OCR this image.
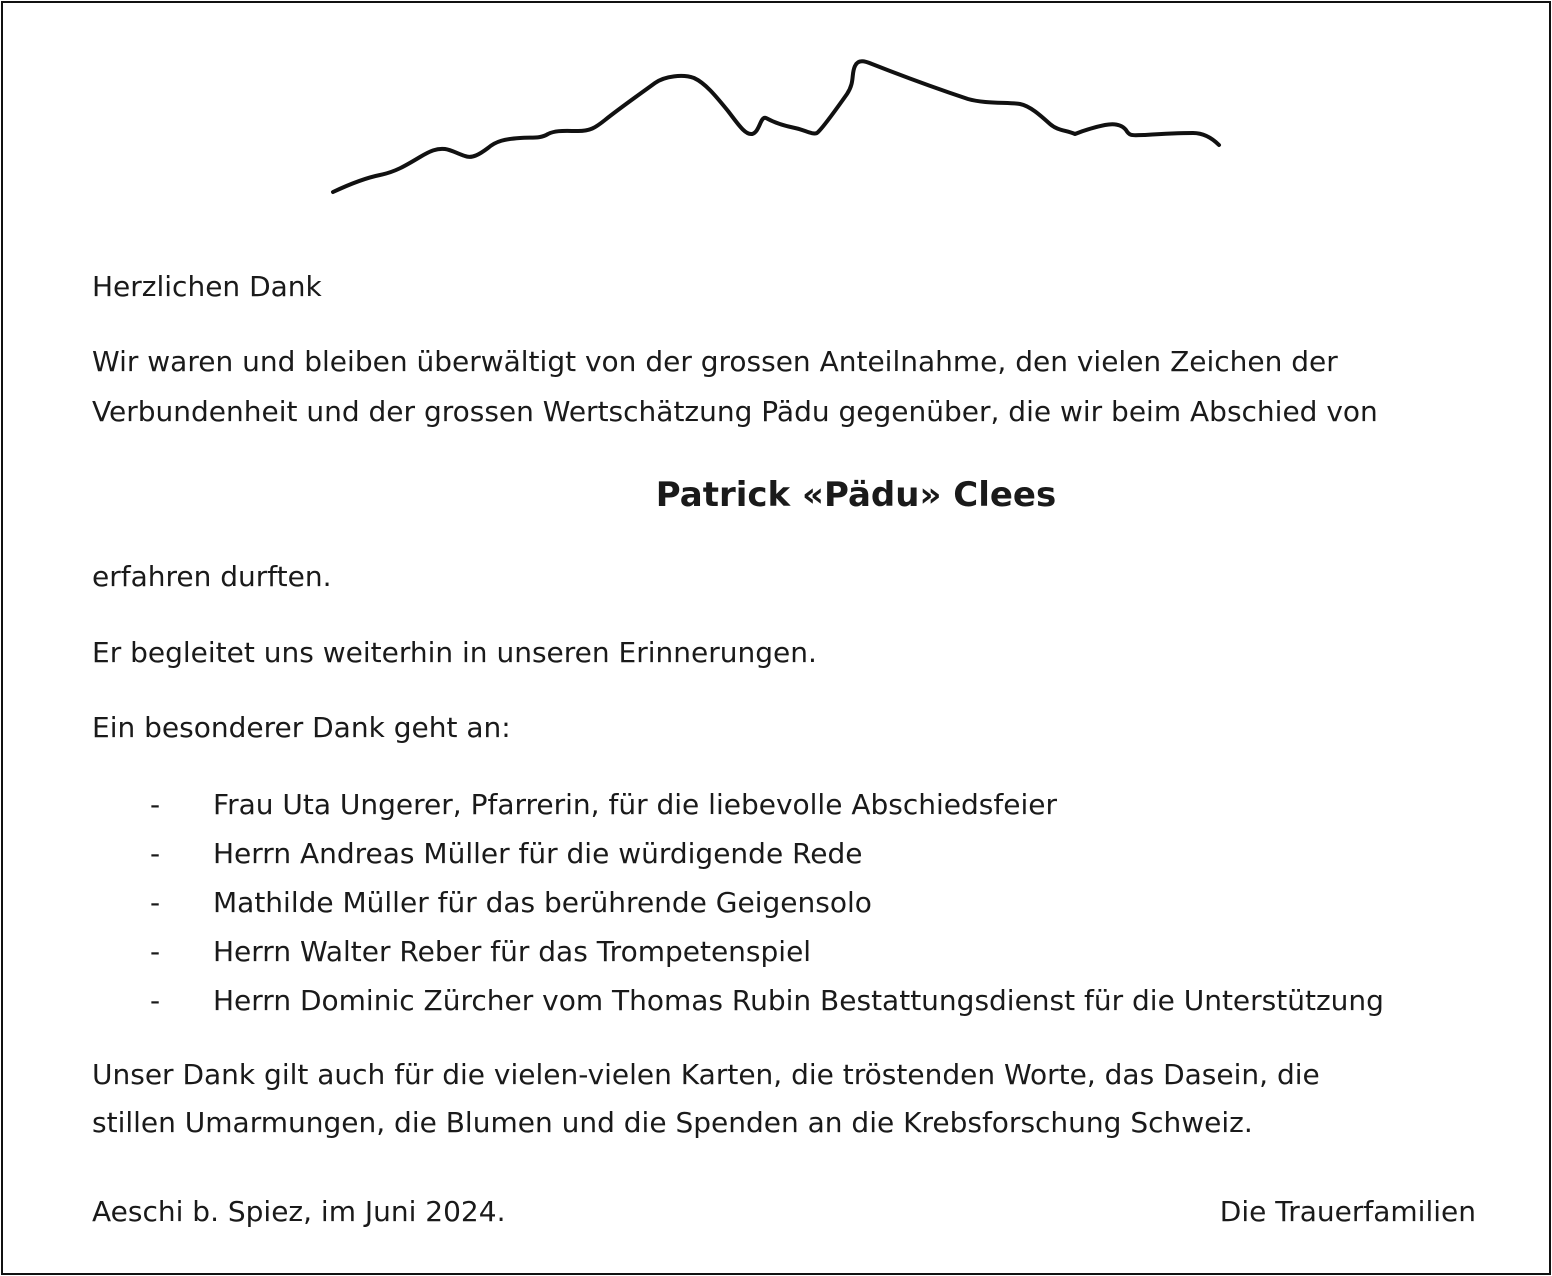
Herzlichen Dank
Wir waren und bleiben überwältigt von der grossen Anteilnahme, den vielen Zeichen der
Verbundenheit und der grossen Wertschätzung Pädu gegenüber, die wir beim Abschied von
Patrick «Pädu» Clees
erfahren durften.
Er begleitet uns weiterhin in unseren Erinnerungen.
Ein besonderer Dank geht an:
-	Frau Uta Ungerer, Pfarrerin, für die liebevolle Abschiedsfeier
-	Herrn Andreas Müller für die würdigende Rede
-	Mathilde Müller für das berührende Geigensolo
-	Herrn Walter Reber für das Trompetenspiel
-	Herrn Dominic Zürcher vom Thomas Rubin Bestattungsdienst für die Unterstützung
Unser Dank gilt auch für die vielen-vielen Karten, die tröstenden Worte, das Dasein, die
stillen Umarmungen, die Blumen und die Spenden an die Krebsforschung Schweiz.
Aeschi b. Spiez, im Juni 2024.	Die Trauerfamilien
